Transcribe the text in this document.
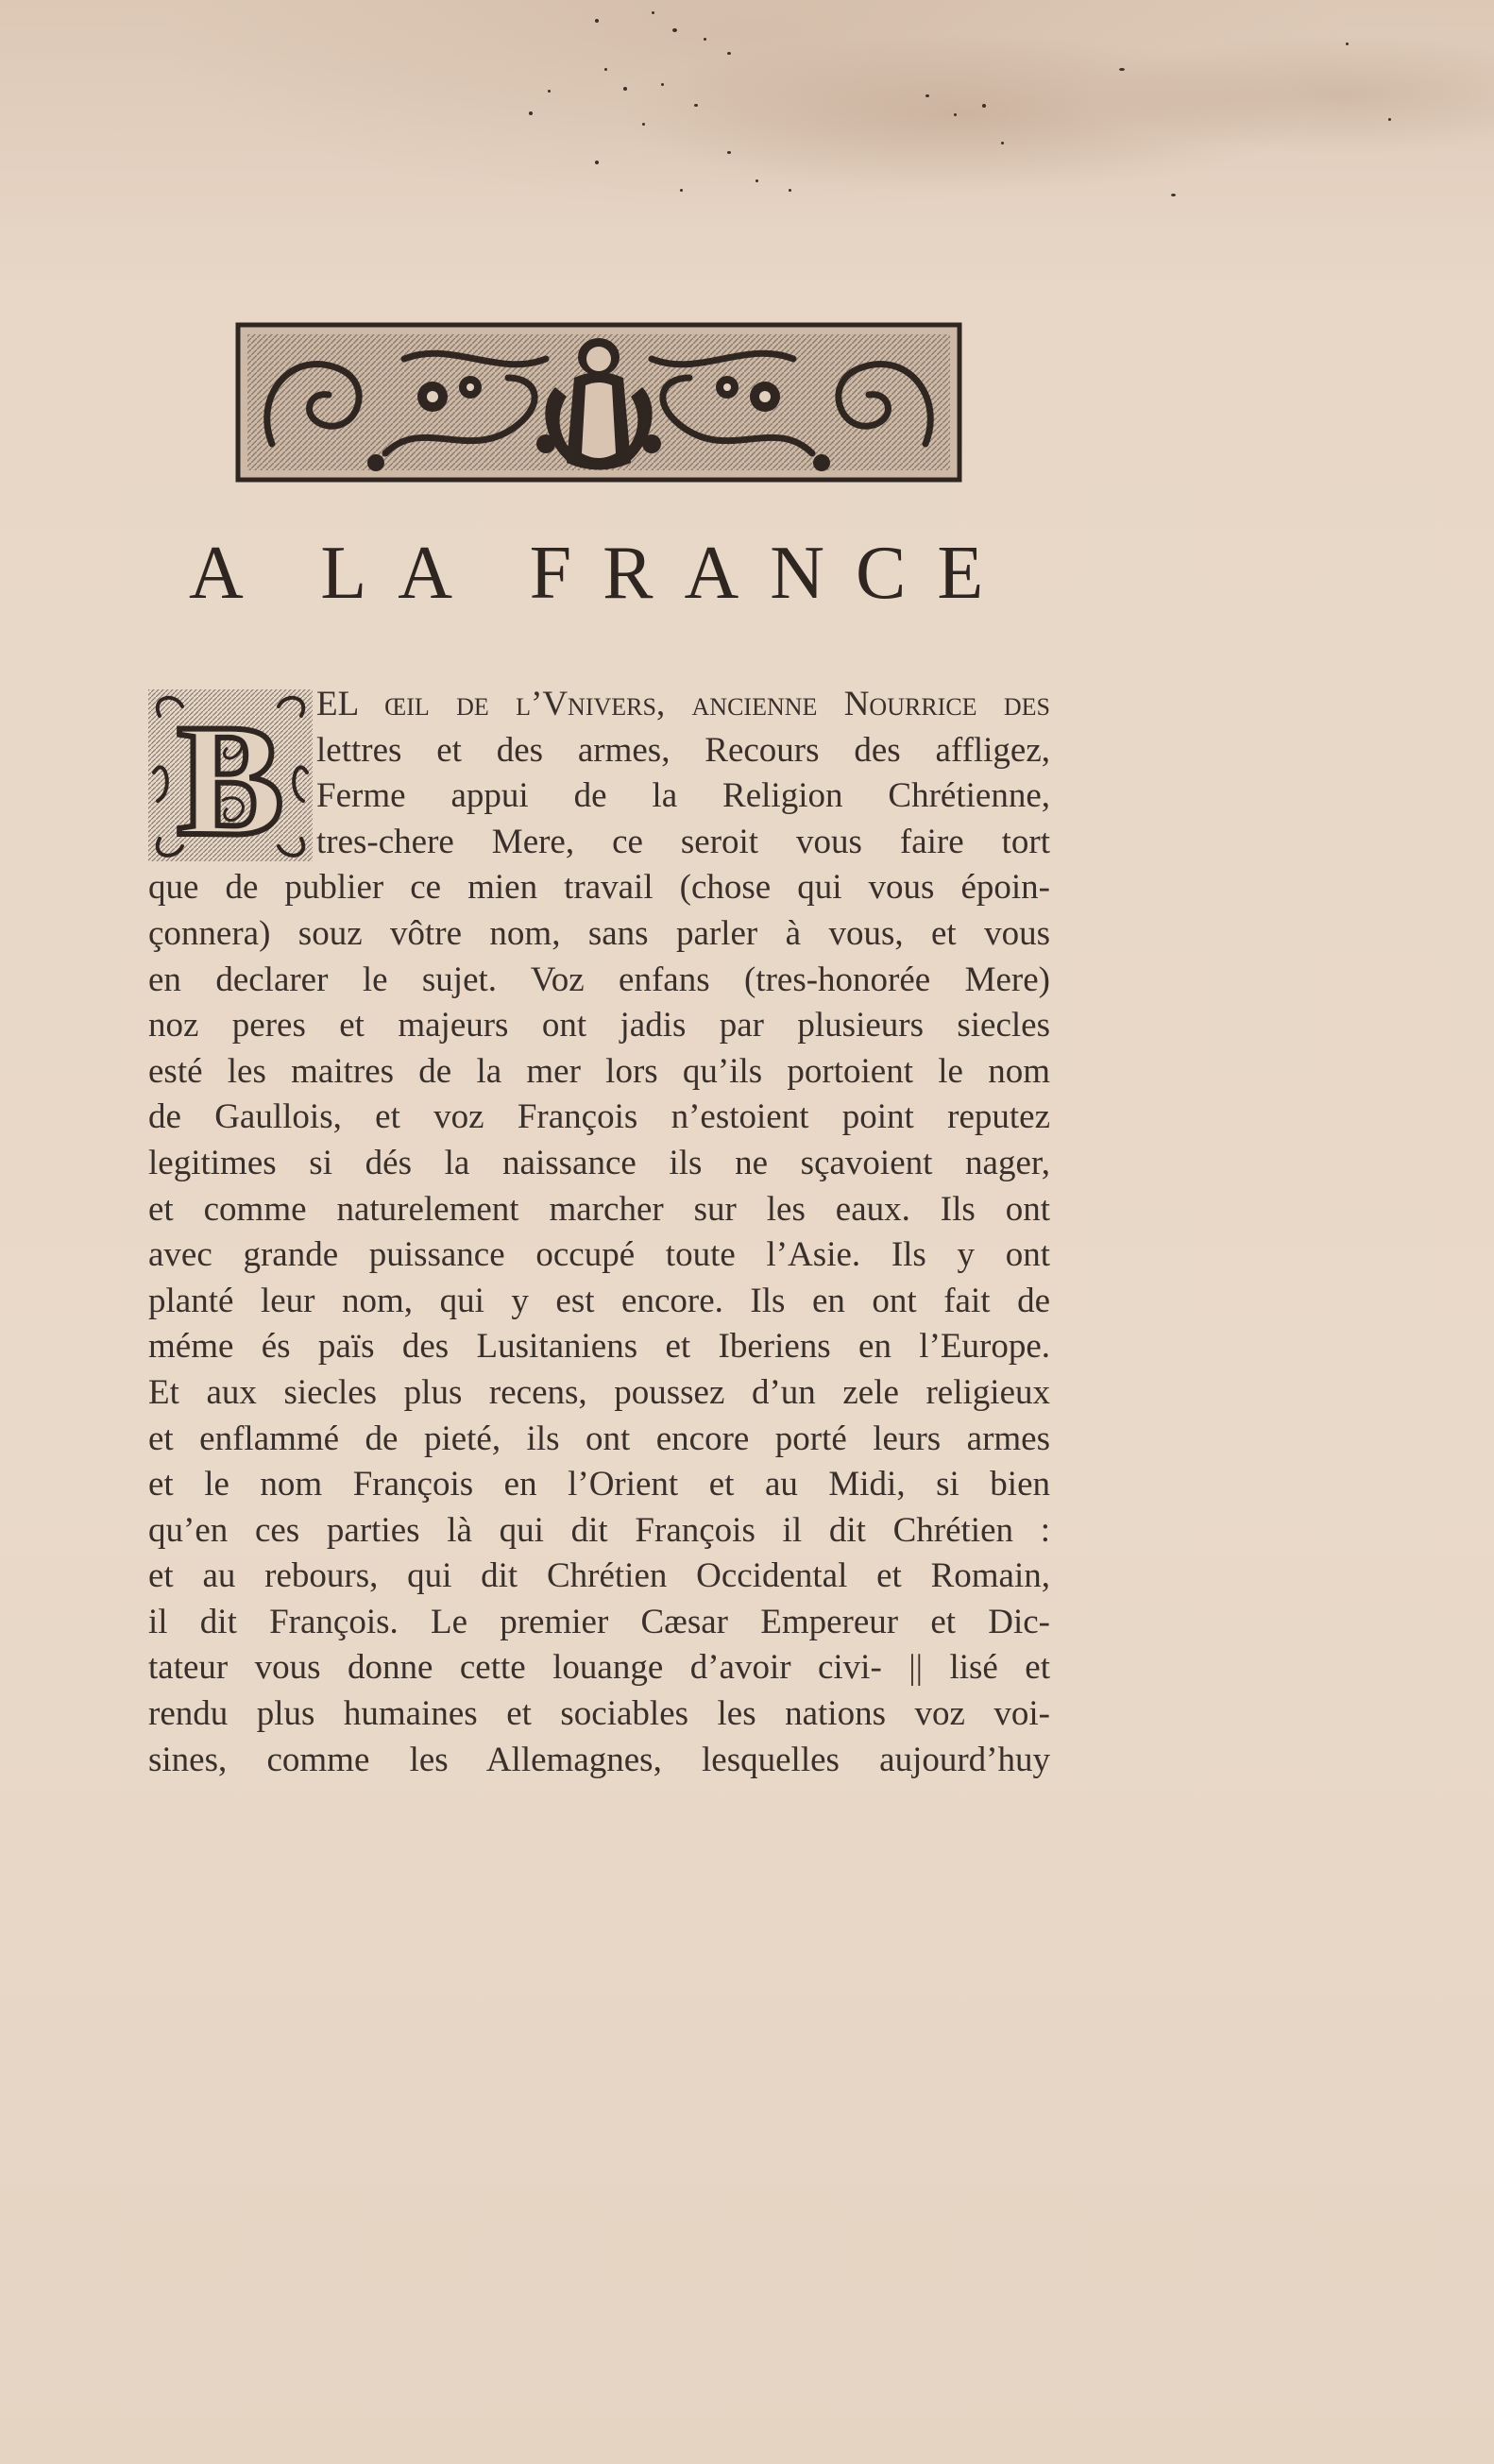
A LA FRANCE
B EL œil de l’Vnivers, ancienne Nourrice des
lettres et des armes, Recours des affligez,
Ferme appui de la Religion Chrétienne,
tres-chere Mere, ce seroit vous faire tort
que de publier ce mien travail (chose qui vous époin-
çonnera) souz vôtre nom, sans parler à vous, et vous
en declarer le sujet. Voz enfans (tres-honorée Mere)
noz peres et majeurs ont jadis par plusieurs siecles
esté les maitres de la mer lors qu’ils portoient le nom
de Gaullois, et voz François n’estoient point reputez
legitimes si dés la naissance ils ne sçavoient nager,
et comme naturelement marcher sur les eaux. Ils ont
avec grande puissance occupé toute l’Asie. Ils y ont
planté leur nom, qui y est encore. Ils en ont fait de
méme és païs des Lusitaniens et Iberiens en l’Europe.
Et aux siecles plus recens, poussez d’un zele religieux
et enflammé de pieté, ils ont encore porté leurs armes
et le nom François en l’Orient et au Midi, si bien
qu’en ces parties là qui dit François il dit Chrétien :
et au rebours, qui dit Chrétien Occidental et Romain,
il dit François. Le premier Cæsar Empereur et Dic-
tateur vous donne cette louange d’avoir civi- || lisé et
rendu plus humaines et sociables les nations voz voi-
sines, comme les Allemagnes, lesquelles aujourd’huy
